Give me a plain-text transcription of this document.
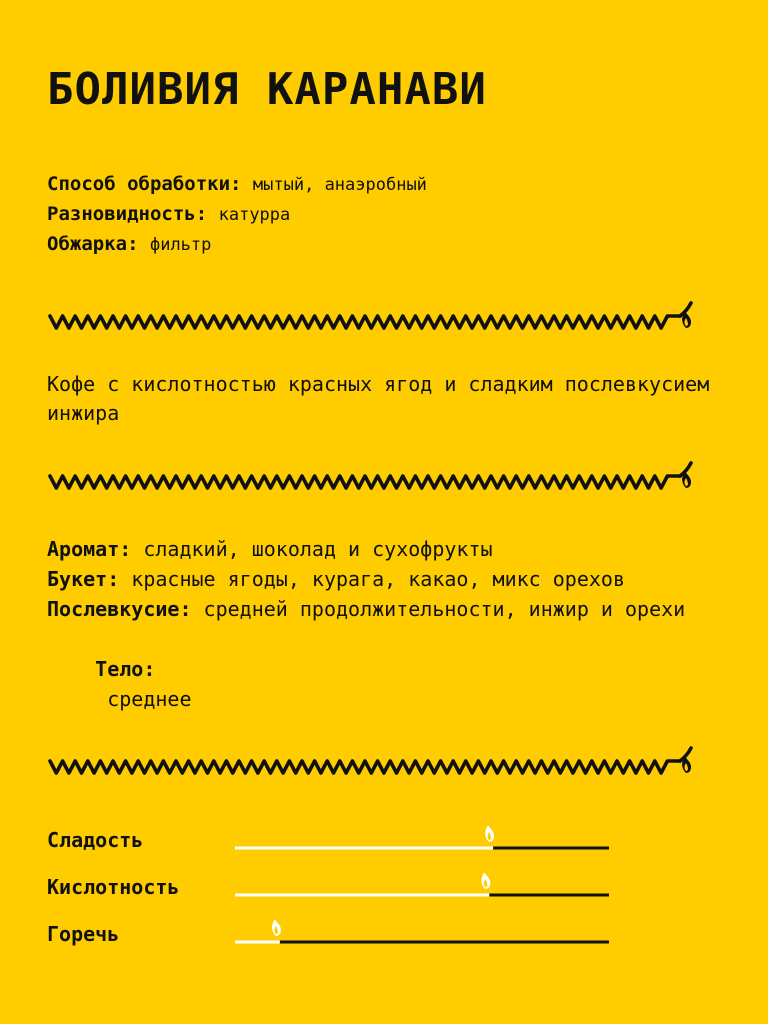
БОЛИВИЯ КАРАНАВИ
Способ обработки: мытый, анаэробный
Разновидность: катурра
Обжарка: фильтр
Кофе с кислотностью красных ягод и сладким послевкусием инжира
Аромат: сладкий, шоколад и сухофрукты
Букет: красные ягоды, курага, какао, микс орехов
Послевкусие: средней продолжительности, инжир и орехи

Тело:
среднее

Сладость
Кислотность
Горечь
